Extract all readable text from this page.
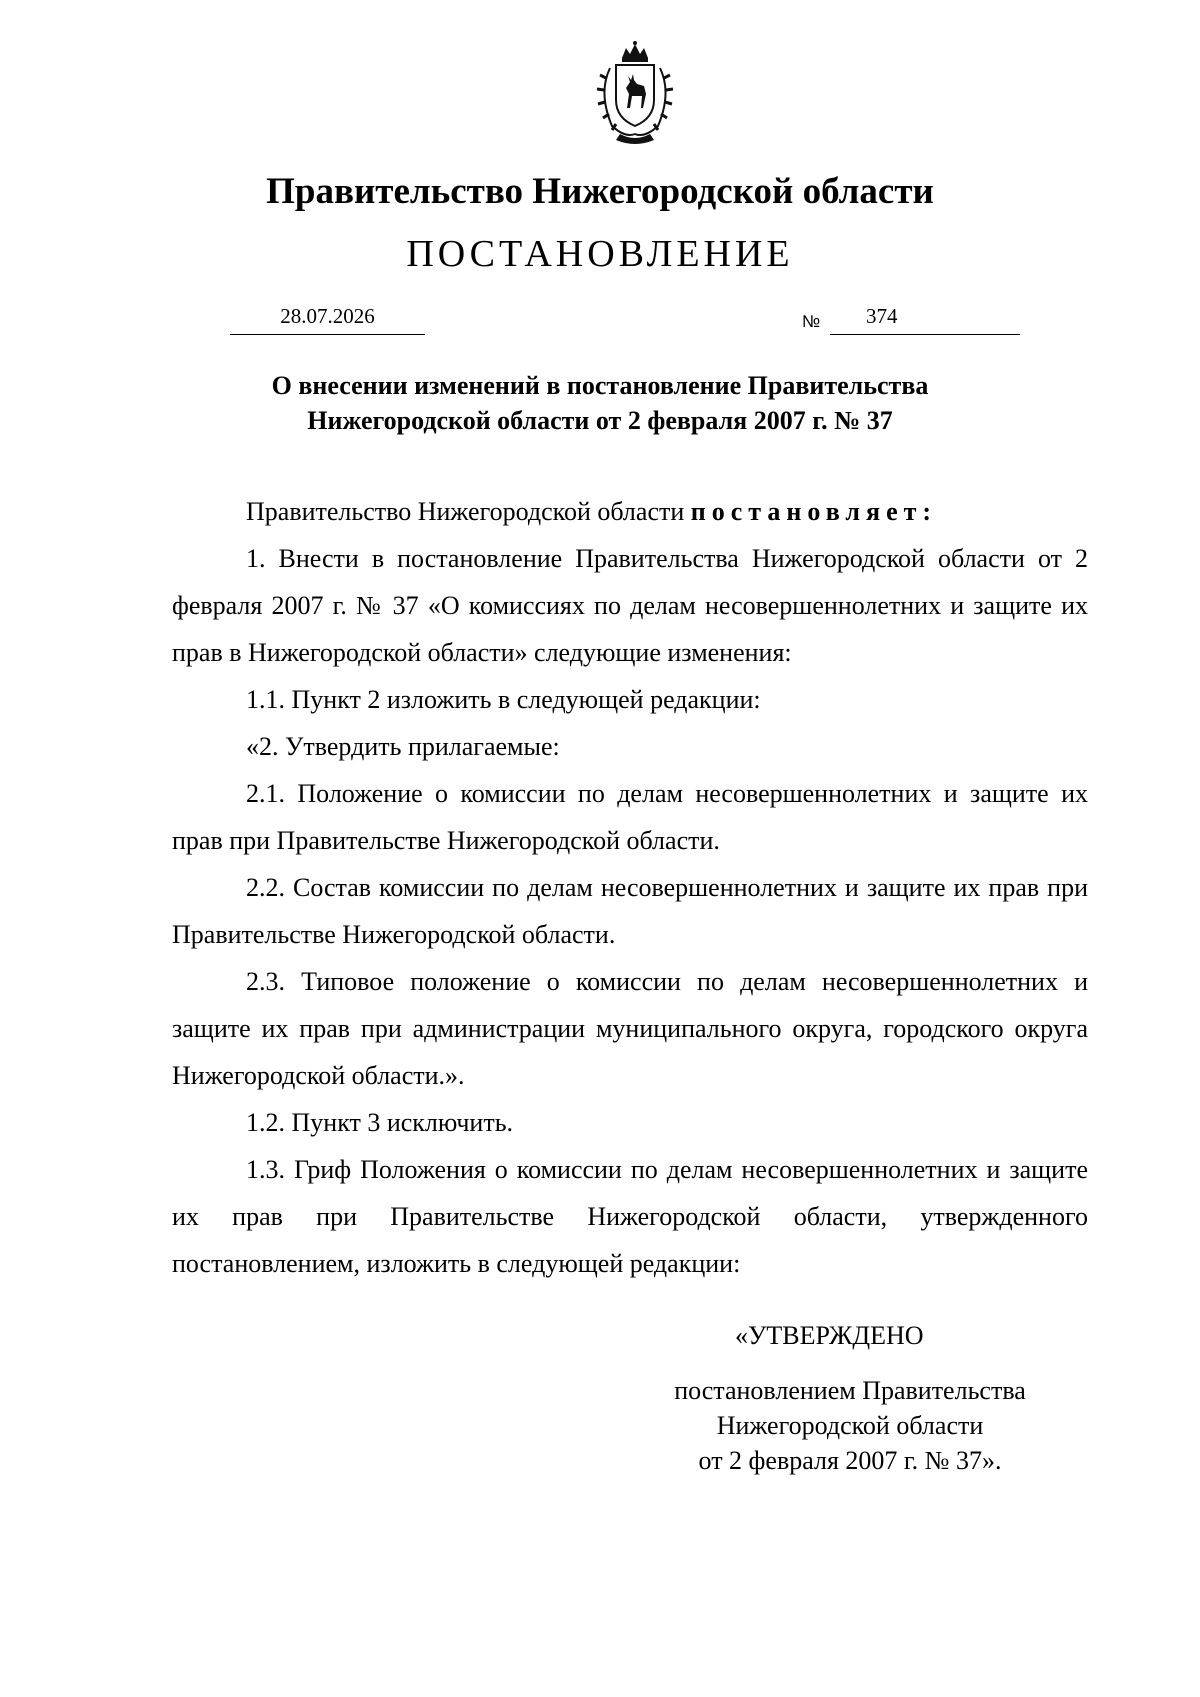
Правительство Нижегородской области
ПОСТАНОВЛЕНИЕ
28.07.2026	№ 374
О внесении изменений в постановление Правительства
Нижегородской области от 2 февраля 2007 г. № 37

Правительство Нижегородской области постановляет:

1. Внести в постановление Правительства Нижегородской области от 2 февраля 2007 г. № 37 «О комиссиях по делам несовершеннолетних и защите их прав в Нижегородской области» следующие изменения:

1.1. Пункт 2 изложить в следующей редакции:

«2. Утвердить прилагаемые:

2.1. Положение о комиссии по делам несовершеннолетних и защите их прав при Правительстве Нижегородской области.

2.2. Состав комиссии по делам несовершеннолетних и защите их прав при Правительстве Нижегородской области.

2.3. Типовое положение о комиссии по делам несовершеннолетних и защите их прав при администрации муниципального округа, городского округа Нижегородской области.».

1.2. Пункт 3 исключить.

1.3. Гриф Положения о комиссии по делам несовершеннолетних и защите их прав при Правительстве Нижегородской области, утвержденного постановлением, изложить в следующей редакции:

«УТВЕРЖДЕНО
постановлением Правительства
Нижегородской области
от 2 февраля 2007 г. № 37».
